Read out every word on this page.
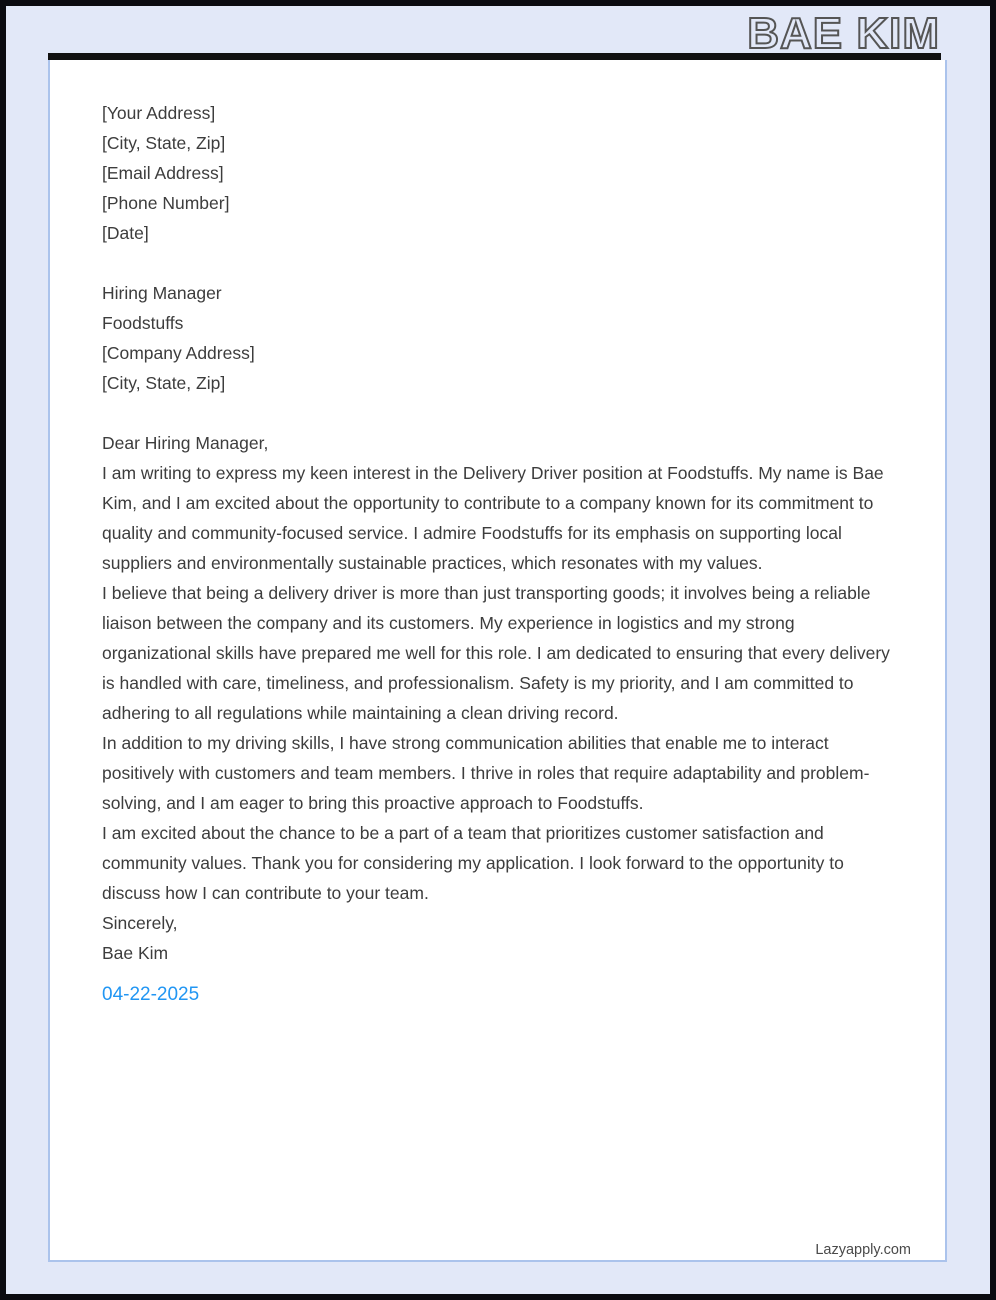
BAE KIM

[Your Address]

[City, State, Zip]

[Email Address]

[Phone Number]

[Date]

Hiring Manager

Foodstuffs

[Company Address]

[City, State, Zip]

Dear Hiring Manager,

I am writing to express my keen interest in the Delivery Driver position at Foodstuffs. My name is Bae Kim, and I am excited about the opportunity to contribute to a company known for its commitment to quality and community-focused service. I admire Foodstuffs for its emphasis on supporting local suppliers and environmentally sustainable practices, which resonates with my values.

I believe that being a delivery driver is more than just transporting goods; it involves being a reliable liaison between the company and its customers. My experience in logistics and my strong organizational skills have prepared me well for this role. I am dedicated to ensuring that every delivery is handled with care, timeliness, and professionalism. Safety is my priority, and I am committed to adhering to all regulations while maintaining a clean driving record.

In addition to my driving skills, I have strong communication abilities that enable me to interact positively with customers and team members. I thrive in roles that require adaptability and problem-solving, and I am eager to bring this proactive approach to Foodstuffs.

I am excited about the chance to be a part of a team that prioritizes customer satisfaction and community values. Thank you for considering my application. I look forward to the opportunity to discuss how I can contribute to your team.

Sincerely,

Bae Kim

04-22-2025

Lazyapply.com
